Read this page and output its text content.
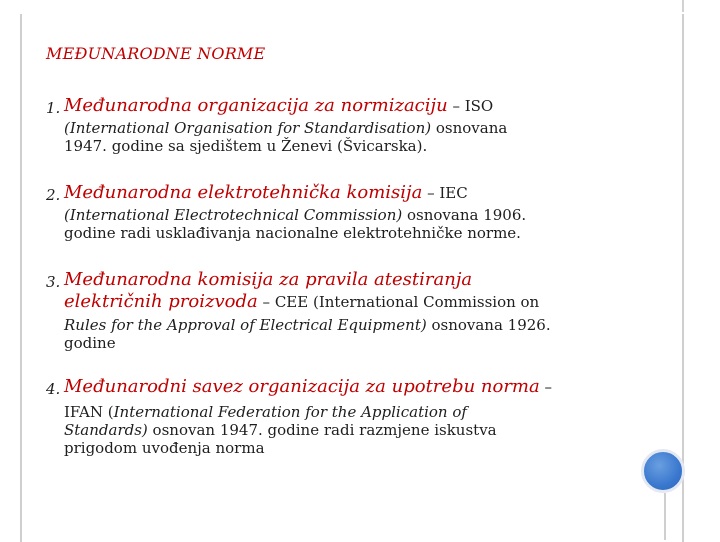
MEĐUNARODNE NORME
1. Međunarodna organizacija za normizaciju – ISO
(International Organisation for Standardisation) osnovana
1947. godine sa sjedištem u Ženevi (Švicarska).
2. Međunarodna elektrotehnička komisija – IEC
(International Electrotechnical Commission) osnovana 1906.
godine radi usklađivanja nacionalne elektrotehničke norme.
3. Međunarodna komisija za pravila atestiranja
električnih proizvoda – CEE (International Commission on
Rules for the Approval of Electrical Equipment) osnovana 1926.
godine
4. Međunarodni savez organizacija za upotrebu norma –
IFAN (International Federation for the Application of
Standards) osnovan 1947. godine radi razmjene iskustva
prigodom uvođenja norma
